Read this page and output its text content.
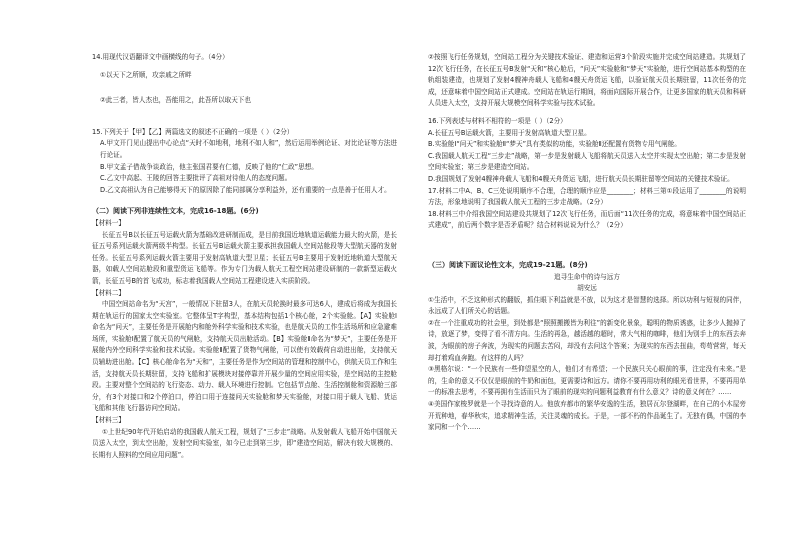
14.用现代汉语翻译文中画横线的句子。（4分）

①以天下之所顺，攻亲戚之所畔

②此三者，皆人杰也，吾能用之，此吾所以取天下也

15.下列关于【甲】【乙】两篇选文的叙述不正确的一项是（ ）（2分）

A.甲文开门见山提出中心论点“天时不如地利，地利不如人和”，然后运用举例论证、对比论证等方法进行论证。

B.甲文孟子借战争谈政治，他主张国君要有仁德，反映了他的“仁政”思想。

C.乙文中高起、王陵的回答主要批评了高祖对待他人的态度问题。

D.乙文高祖认为自己能够得天下的原因除了能同部属分享利益外，还有重要的一点是善于任用人才。

（二）阅读下列非连续性文本，完成16-18题。(6分)

【材料一】

长征五号B以长征五号运载火箭为基础改进研制而成，是目前我国近地轨道运载能力最大的火箭，是长征五号系列运载火箭两级半构型。长征五号B运载火箭主要承担我国载人空间站舱段等大型航天器的发射任务。长征五号系列运载火箭主要用于发射高轨道大型卫星；长征五号B主要用于发射近地轨道大型航天器，如载人空间站舱段和重型货运飞船等。作为专门为载人航天工程空间站建设研制的一款新型运载火箭，长征五号B的首飞成功，标志着我国载人空间站工程建设进入实质阶段。

【材料二】

中国空间站命名为“天宫”，一般情况下驻留3人，在航天员轮换时最多可达6人，建成后将成为我国长期在轨运行的国家太空实验室。它整体呈T字构型，基本结构包括1个核心舱，2个实验舱。【A】实验舱Ⅰ命名为“问天”，主要任务是开展舱内和舱外科学实验和技术实验，也是航天员的工作生活场所和应急避难场所，实验舱Ⅰ配置了航天员的气闸舱，支持航天员出舱活动。【B】实验舱Ⅱ命名为“梦天”，主要任务是开展舱内外空间科学实验和技术试验。实验舱Ⅱ配置了货物气闸舱，可以使有效载荷自动进出舱，支持航天员辅助进出舱。【C】核心舱命名为“天和”，主要任务是作为空间站的管理和控制中心，供航天员工作和生活，支持航天员长期驻留，支持飞船和扩展模块对接停靠并开展少量的空间应用实验，是空间站的主控舱段。主要对整个空间站的飞行姿态、动力、载人环境进行控制。它包括节点舱、生活控制舱和资源舱三部分，有3个对接口和2个停泊口，停泊口用于连接问天实验舱和梦天实验舱，对接口用于载人飞船、货运飞船和其他飞行器访问空间站。

【材料三】

①上世纪90年代开始启动的我国载人航天工程，规划了“三步走”战略。从发射载人飞船开始中国航天员送入太空，到太空出舱，发射空间实验室，如今已走到第三步，即“建造空间站，解决有较大规模的、长期有人照料的空间应用问题”。

②按照飞行任务规划，空间站工程分为关键技术验证、建造和运营3个阶段实施并完成空间站建造。共规划了12次飞行任务，在长征五号B发射“天和”核心舱后，“问天”实验舱和“梦天”实验舱，进行空间站基本构型的在轨组装建造，也规划了发射4艘神舟载人飞船和4艘天舟货运飞船，以验证航天员长期驻留，11次任务的完成，还意味着中国空间站正式建成。空间站在轨运行期间，将面向国际开展合作，让更多国家的航天员和科研人员进入太空，支持开展大规模空间科学实验与技术试验。

16.下列表述与材料不相符的一项是（ ）（2分）

A.长征五号B运载火箭，主要用于发射高轨道大型卫星。

B.实验舱Ⅰ“问天”和实验舱Ⅱ“梦天”具有类似的功能，实验舱Ⅱ还配置有货物专用气闸舱。

C.我国载人航天工程“三步走”战略，第一步是发射载人飞船将航天员送入太空并实现太空出舱；第二步是发射空间实验室；第三步是建造空间站。

D.我国规划了发射4艘神舟载人飞船和4艘天舟货运飞船，进行航天员长期驻留等空间站的关键技术验证。

17.材料二中A、B、C三处说明顺序不合理，合理的顺序应是________；材料三第①段运用了________的说明方法，形象地说明了我国载人航天工程的三步走战略。（2分）

18.材料三中介绍我国空间站建设共规划了12次飞行任务，而后面“11次任务的完成，将意味着中国空间站正式建成”，前后两个数字是否矛盾呢？结合材料说说为什么？（2分）

（三）阅读下面议论性文本，完成19-21题。(8分)

追寻生命中的诗与远方

胡安远

①生活中，不乏这种形式的翻版，抓住眼下利益就是不放，以为这才是智慧的选择。所以功利与短视的同伴，永远成了人们所关心的话题。

②在一个注重成功的社会里，到处都是“照照搬搬皆为利往”的新变化景象，聪明的物质诱惑，让多少人抛掉了诗，放逐了梦，变得了看不清方向。生活的再急，越活越的超时，常大气相的咖啡，他们为别手上的东西去奔波，为眼前的房子奔波，为现实的问题去苦闷，却没有去问这个答案；为现实的东西去扭曲，苟苟营营，每天却打着鸡血奔跑。有这样的人吗？

③黑格尔说：“一个民族有一些仰望星空的人，他们才有希望；一个民族只关心眼前的事，注定没有未来。”是的，生命的意义不仅仅是眼前的牛奶和面包，更需要诗和远方。请你不要再用功利的眼光看世界，不要再用单一的标准去思考，不要再拥有生活而只为了眼前的现实的问题利益教育有什么意义？诗的意义何在？……

④美国作家梭罗就是一个寻找诗意的人。他放弃都市的繁华安逸的生活，独居瓦尔登湖畔，在自己的小木屋旁开荒种地，春华秋实，追求精神生活，关注灵魂的成长。于是，一部不朽的作品诞生了。无独有偶，中国的李家同和一个个……
